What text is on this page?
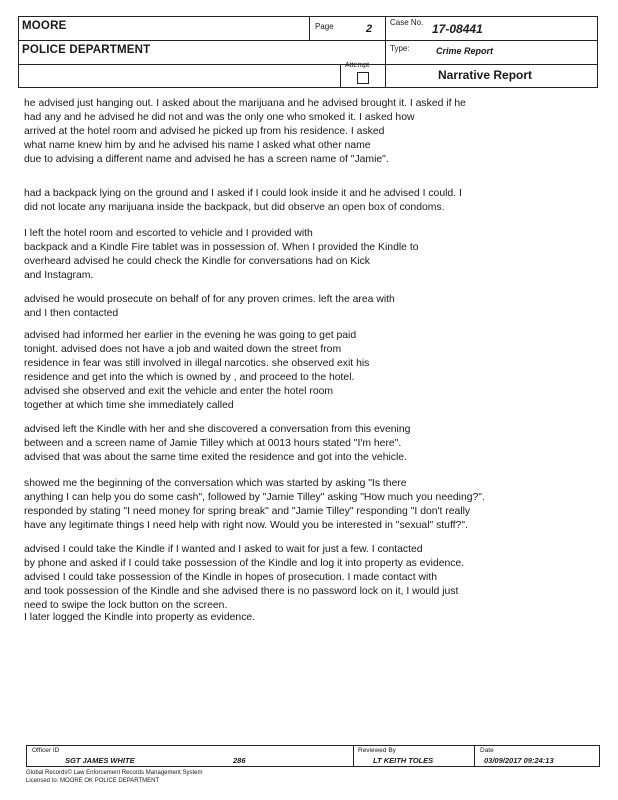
MOORE
POLICE DEPARTMENT
Page	2
Case No. 17-08441
Type:	Crime Report
Attempt
Narrative Report
he advised just hanging out. I asked about the marijuana and he advised brought it. I asked if he
had any and he advised he did not and was the only one who smoked it. I asked how
arrived at the hotel room and advised he picked up from his residence. I asked
what name knew him by and he advised his name I asked what other name
due to advising a different name and advised he has a screen name of "Jamie".
had a backpack lying on the ground and I asked if I could look inside it and he advised I could. I
did not locate any marijuana inside the backpack, but did observe an open box of condoms.
I left the hotel room and escorted to vehicle and I provided with
backpack and a Kindle Fire tablet was in possession of. When I provided the Kindle to
overheard advised he could check the Kindle for conversations had on Kick
and Instagram.
advised he would prosecute on behalf of for any proven crimes. left the area with
and I then contacted
advised had informed her earlier in the evening he was going to get paid
tonight. advised does not have a job and waited down the street from
residence in fear was still involved in illegal narcotics. she observed exit his
residence and get into the which is owned by , and proceed to the hotel.
advised she observed and exit the vehicle and enter the hotel room
together at which time she immediately called
advised left the Kindle with her and she discovered a conversation from this evening
between and a screen name of Jamie Tilley which at 0013 hours stated "I'm here".
advised that was about the same time exited the residence and got into the vehicle.
showed me the beginning of the conversation which was started by asking "Is there
anything I can help you do some cash", followed by "Jamie Tilley" asking "How much you needing?".
responded by stating "I need money for spring break" and "Jamie Tilley" responding "I don't really
have any legitimate things I need help with right now. Would you be interested in "sexual" stuff?".
advised I could take the Kindle if I wanted and I asked to wait for just a few. I contacted
by phone and asked if I could take possession of the Kindle and log it into property as evidence.
advised I could take possession of the Kindle in hopes of prosecution. I made contact with
and took possession of the Kindle and she advised there is no password lock on it, I would just
need to swipe the lock button on the screen.
I later logged the Kindle into property as evidence.
Officer ID
SGT JAMES WHITE	286
Reviewed By
LT KEITH TOLES
Date
03/09/2017 09:24:13
Global Records© Law Enforcement Records Management System
Licensed to: MOORE OK POLICE DEPARTMENT
